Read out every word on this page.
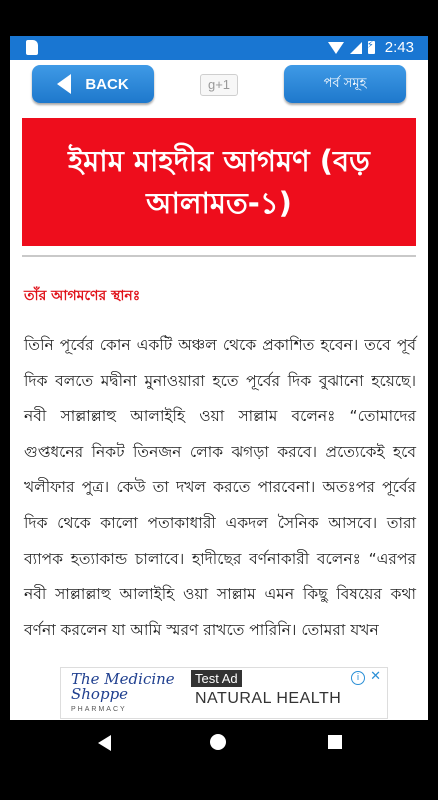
⚡
2:43
BACK	g+1	পর্ব সমূহ
ইমাম মাহদীর আগমণ (বড় আলামত-১)
তাঁর আগমণের স্থানঃ

তিনি পূর্বের কোন একটি অঞ্চল থেকে প্রকাশিত হবেন। তবে পূর্ব দিক বলতে মদ্বীনা মুনাওয়ারা হতে পূর্বের দিক বুঝানো হয়েছে। নবী সাল্লাল্লাহু আলাইহি ওয়া সাল্লাম বলেনঃ “তোমাদের গুপ্তধনের নিকট তিনজন লোক ঝগড়া করবে। প্রত্যেকেই হবে খলীফার পুত্র। কেউ তা দখল করতে পারবেনা। অতঃপর পূর্বের দিক থেকে কালো পতাকাধারী একদল সৈনিক আসবে। তারা ব্যাপক হত্যাকান্ড চালাবে। হাদীছের বর্ণনাকারী বলেনঃ “এরপর নবী সাল্লাল্লাহু আলাইহি ওয়া সাল্লাম এমন কিছু বিষয়ের কথা বর্ণনা করলেন যা আমি স্মরণ রাখতে পারিনি। তোমরা যখন

The Medicine
Shoppe
PHARMACY
Test Ad
NATURAL HEALTH
i ✕
